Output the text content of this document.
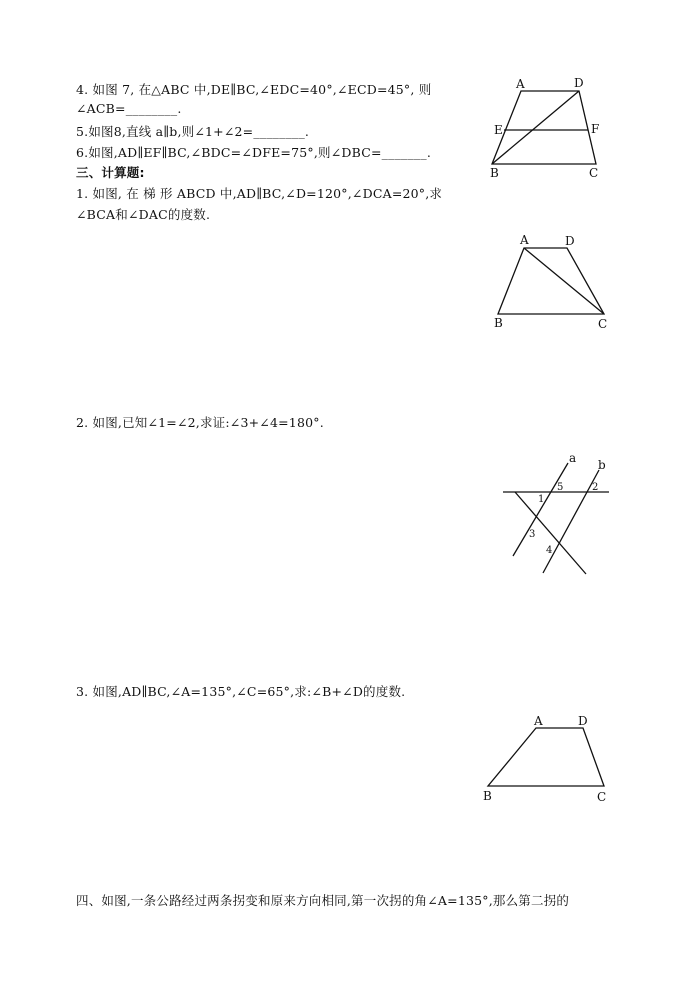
4. 如图 7, 在△ABC 中,DE∥BC,∠EDC=40°,∠ECD=45°, 则
∠ACB=________.
5.如图8,直线 a∥b,则∠1+∠2=________.
6.如图,AD∥EF∥BC,∠BDC=∠DFE=75°,则∠DBC=_______.
三、计算题:
1. 如图, 在 梯 形 ABCD 中,AD∥BC,∠D=120°,∠DCA=20°,求
∠BCA和∠DAC的度数.
2. 如图,已知∠1=∠2,求证:∠3+∠4=180°.
3. 如图,AD∥BC,∠A=135°,∠C=65°,求:∠B+∠D的度数.
四、如图,一条公路经过两条拐变和原来方向相同,第一次拐的角∠A=135°,那么第二拐的
A	D
E	F
B	C
A	D
B	C
a b
1
5	2
3
4
A	D
B	C
